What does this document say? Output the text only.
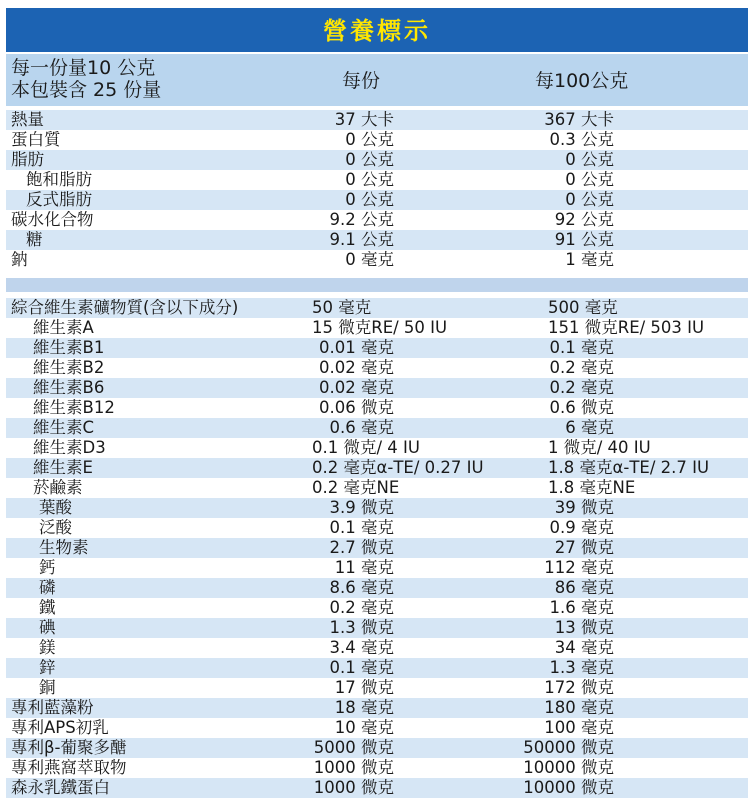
營養標示
每一份量10 公克
本包裝含 25 份量	每份	每100公克
熱量	37 大卡	367 大卡
蛋白質	0 公克	0.3 公克
脂肪	0 公克	0 公克
飽和脂肪	0 公克	0 公克
反式脂肪	0 公克	0 公克
碳水化合物	9.2 公克	92 公克
糖	9.1 公克	91 公克
鈉	0 毫克	1 毫克
綜合維生素礦物質(含以下成分)	50 毫克	500 毫克
維生素A	15 微克RE/ 50 IU	151 微克RE/ 503 IU
維生素B1	0.01 毫克	0.1 毫克
維生素B2	0.02 毫克	0.2 毫克
維生素B6	0.02 毫克	0.2 毫克
維生素B12	0.06 微克	0.6 微克
維生素C	0.6 毫克	6 毫克
維生素D3	0.1 微克/ 4 IU	1 微克/ 40 IU
維生素E	0.2 毫克α-TE/ 0.27 IU	1.8 毫克α-TE/ 2.7 IU
菸鹼素	0.2 毫克NE	1.8 毫克NE
葉酸	3.9 微克	39 微克
泛酸	0.1 毫克	0.9 毫克
生物素	2.7 微克	27 微克
鈣	11 毫克	112 毫克
磷	8.6 毫克	86 毫克
鐵	0.2 毫克	1.6 毫克
碘	1.3 微克	13 微克
鎂	3.4 毫克	34 毫克
鋅	0.1 毫克	1.3 毫克
銅	17 微克	172 微克
專利藍藻粉	18 毫克	180 毫克
專利APS初乳	10 毫克	100 毫克
專利β-葡聚多醣	5000 微克	50000 微克
專利燕窩萃取物	1000 微克	10000 微克
森永乳鐵蛋白	1000 微克	10000 微克
